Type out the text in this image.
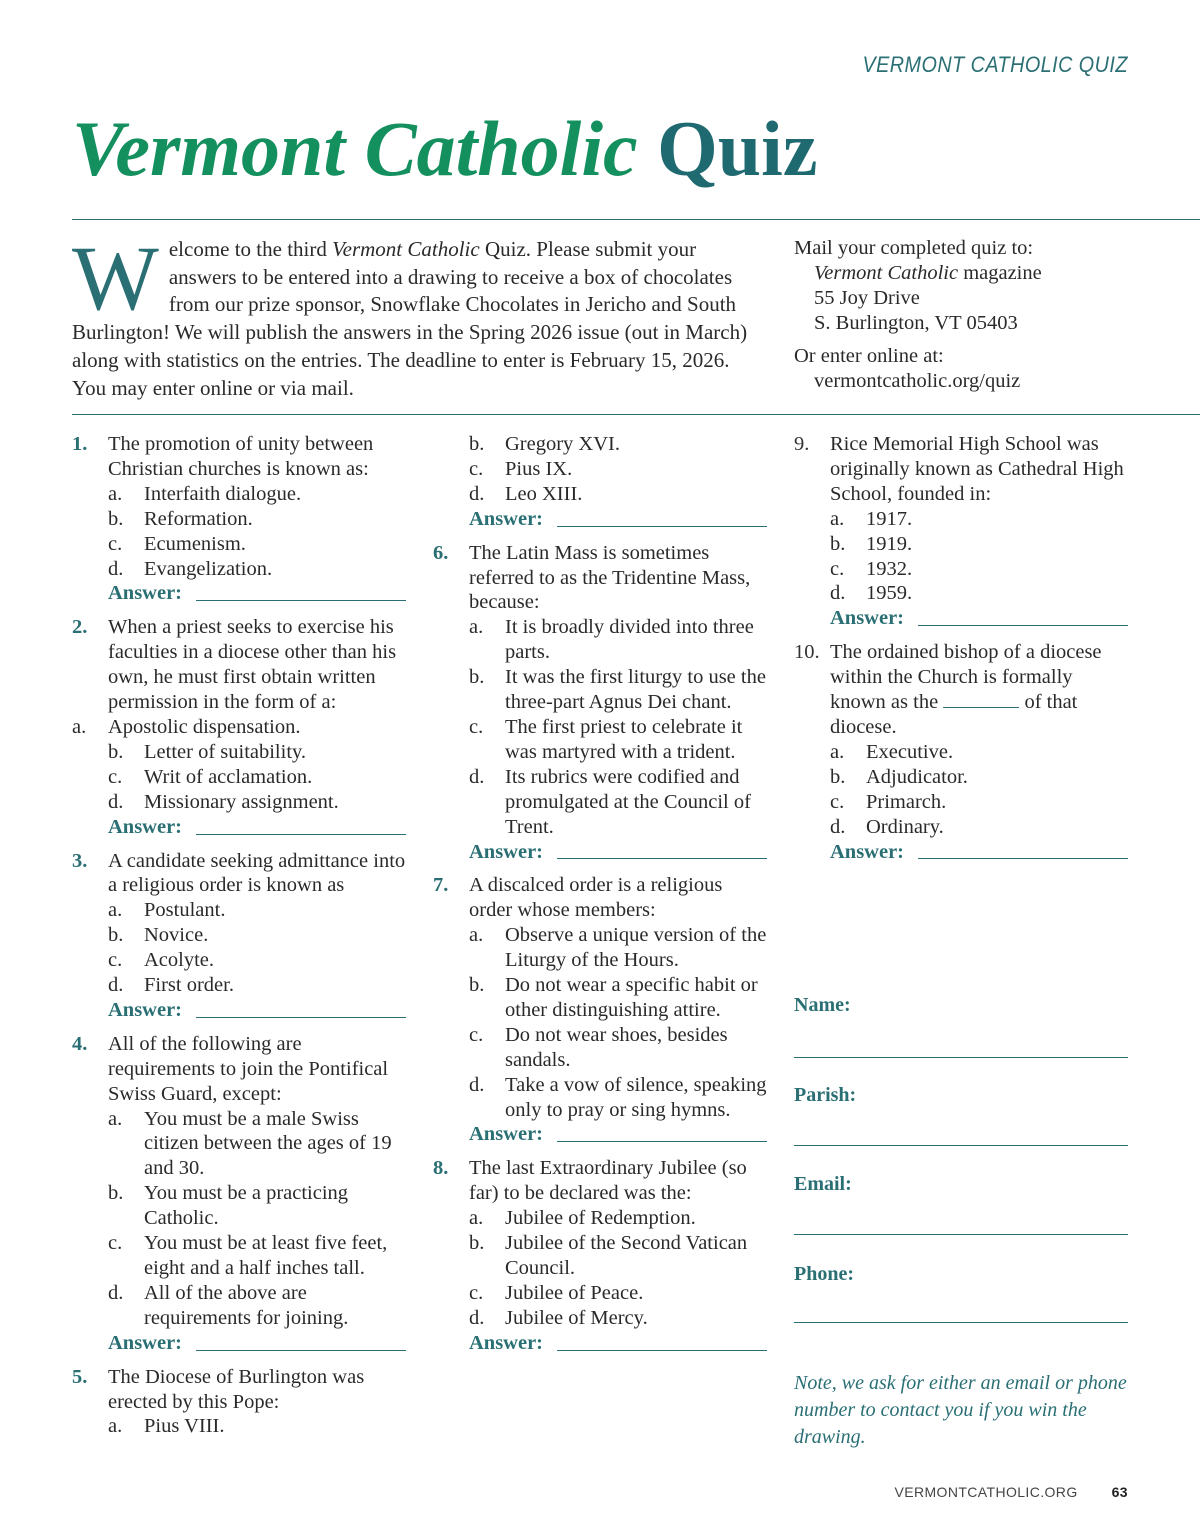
VERMONT CATHOLIC QUIZ
Vermont Catholic Quiz
W elcome to the third Vermont Catholic Quiz. Please submit your answers to be entered into a drawing to receive a box of chocolates from our prize sponsor, Snowflake Chocolates in Jericho and South Burlington! We will publish the answers in the Spring 2026 issue (out in March) along with statistics on the entries. The deadline to enter is February 15, 2026. You may enter online or via mail.
Mail your completed quiz to:
Vermont Catholic magazine
55 Joy Drive
S. Burlington, VT 05403
Or enter online at:
vermontcatholic.org/quiz
1.	The promotion of unity between Christian churches is known as:
a.	Interfaith dialogue.
b.	Reformation.
c.	Ecumenism.
d.	Evangelization.
Answer:
2.	When a priest seeks to exercise his faculties in a diocese other than his own, he must first obtain written permission in the form of a:
a.	Apostolic dispensation.
b.	Letter of suitability.
c.	Writ of acclamation.
d.	Missionary assignment.
Answer:
3.	A candidate seeking admittance into a religious order is known as
a.	Postulant.
b.	Novice.
c.	Acolyte.
d.	First order.
Answer:
4.	All of the following are requirements to join the Pontifical Swiss Guard, except:
a.	You must be a male Swiss citizen between the ages of 19 and 30.
b.	You must be a practicing Catholic.
c.	You must be at least five feet, eight and a half inches tall.
d.	All of the above are requirements for joining.
Answer:
5.	The Diocese of Burlington was erected by this Pope:
a.	Pius VIII.
b.	Gregory XVI.
c.	Pius IX.
d.	Leo XIII.
Answer:
6.	The Latin Mass is sometimes referred to as the Tridentine Mass, because:
a.	It is broadly divided into three parts.
b.	It was the first liturgy to use the three-part Agnus Dei chant.
c.	The first priest to celebrate it was martyred with a trident.
d.	Its rubrics were codified and promulgated at the Council of Trent.
Answer:
7.	A discalced order is a religious order whose members:
a.	Observe a unique version of the Liturgy of the Hours.
b.	Do not wear a specific habit or other distinguishing attire.
c.	Do not wear shoes, besides sandals.
d.	Take a vow of silence, speaking only to pray or sing hymns.
Answer:
8.	The last Extraordinary Jubilee (so far) to be declared was the:
a.	Jubilee of Redemption.
b.	Jubilee of the Second Vatican Council.
c.	Jubilee of Peace.
d.	Jubilee of Mercy.
Answer:
9.	Rice Memorial High School was originally known as Cathedral High School, founded in:
a.	1917.
b.	1919.
c.	1932.
d.	1959.
Answer:
10. The ordained bishop of a diocese within the Church is formally known as the	of that diocese.
a.	Executive.
b.	Adjudicator.
c.	Primarch.
d.	Ordinary.
Answer:
Name:
Parish:
Email:
Phone:
Note, we ask for either an email or phone number to contact you if you win the drawing.
VERMONTCATHOLIC.ORG 63
